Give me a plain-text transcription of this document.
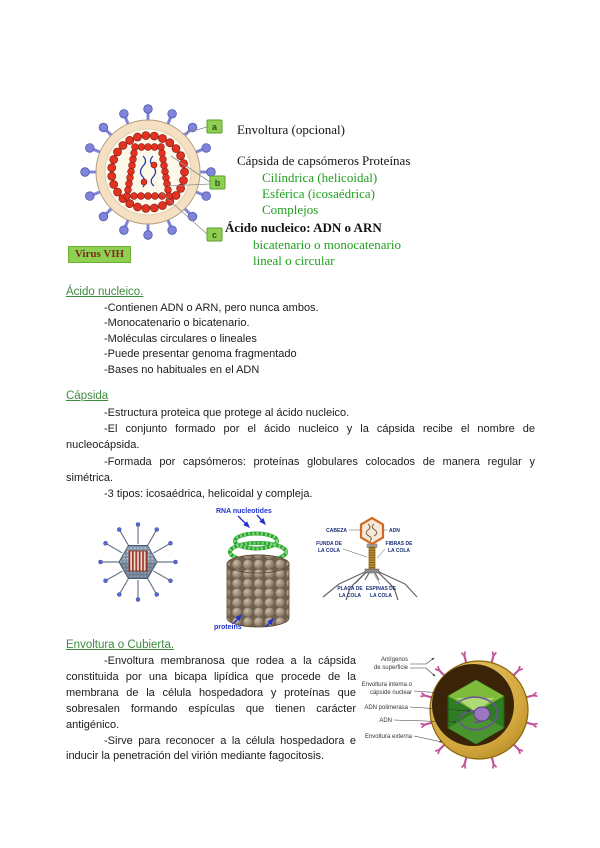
a
b
c
Envoltura (opcional)
Cápsida de capsómeros Proteínas
Cilíndrica (helicoidal)
Esférica (icosaédrica)
Complejos
Ácido nucleico: ADN o ARN
bicatenario o monocatenario
lineal o circular
Virus VIH
Ácido nucleico.
-Contienen ADN o ARN, pero nunca ambos.
-Monocatenario o bicatenario.
-Moléculas circulares o lineales
-Puede presentar genoma fragmentado
-Bases no habituales en el ADN
Cápsida

-Estructura proteica que protege al ácido nucleico.

-El conjunto formado por el ácido nucleico y la cápsida recibe el nombre de nucleocápsida.

-Formada por capsómeros: proteínas globulares colocados de manera regular y simétrica.

-3 tipos: icosaédrica, helicoidal y compleja.

RNA nucleotides
proteins
CABEZA	ADN
FUNDA DE
LA COLA
FIBRAS DE
LA COLA
PLACA DE
LA COLA
ESPINAS DE
LA COLA
Envoltura o Cubierta.

-Envoltura membranosa que rodea a la cápsida constituida por una bicapa lipídica que procede de la membrana de la célula hospedadora y proteínas que sobresalen formando espículas que tienen carácter antigénico.

-Sirve para reconocer a la célula hospedadora e inducir la penetración del virión mediante fagocitosis.

Antígenos
de superficie
Envoltura interna o
cápside nuclear
ADN polimerasa
ADN
Envoltura externa
